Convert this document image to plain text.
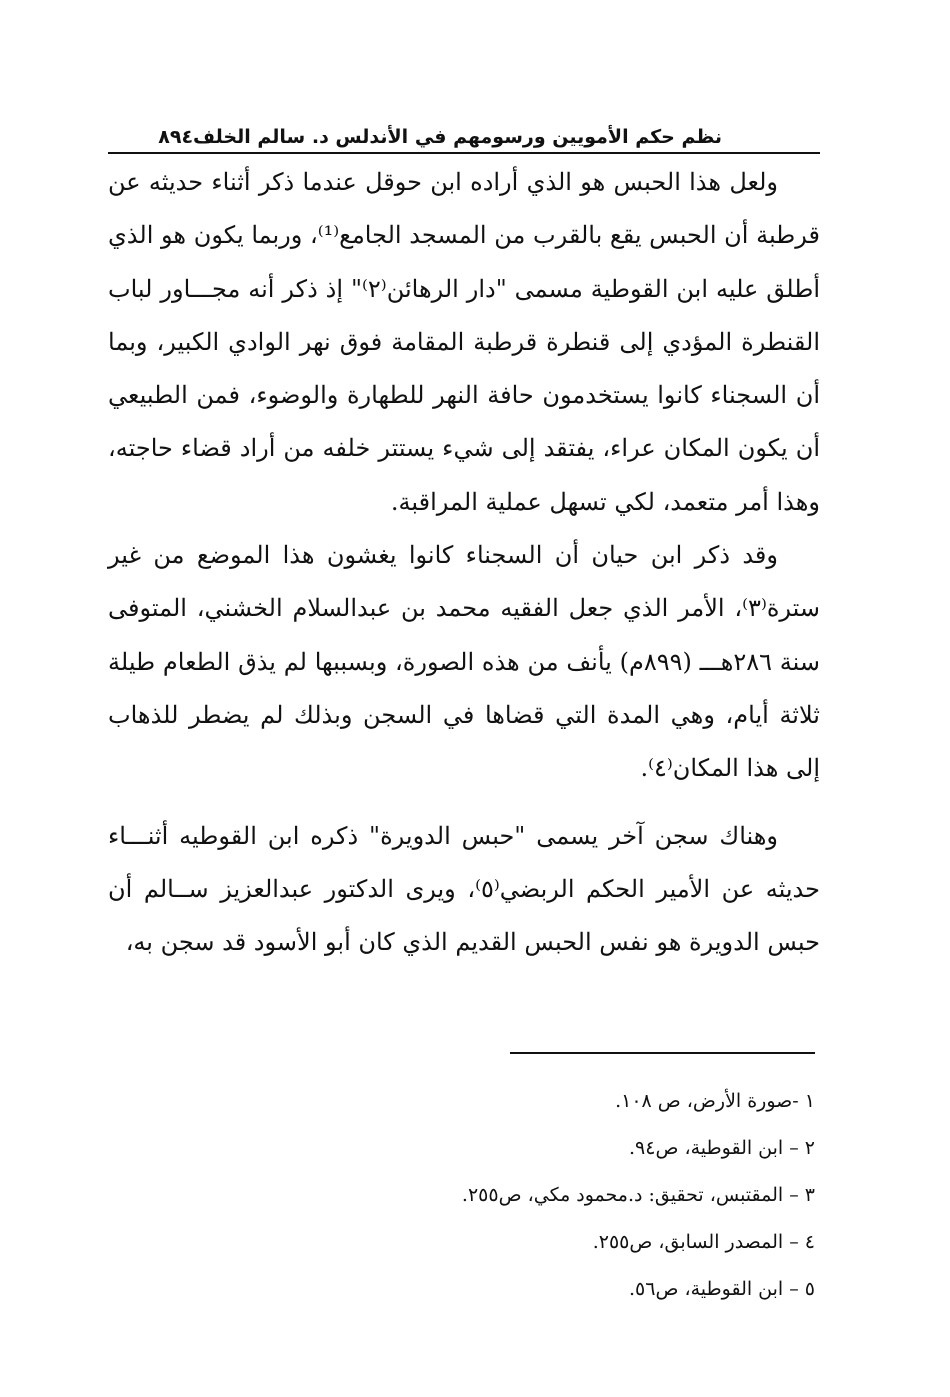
نظم حكم الأمويين ورسومهم في الأندلس د. سالم الخلف
٨٩٤

ولعل هذا الحبس هو الذي أراده ابن حوقل عندما ذكر أثناء حديثه عن قرطبة أن الحبس يقع بالقرب من المسجد الجامع⁽¹⁾، وربما يكون هو الذي أطلق عليه ابن القوطية مسمى "دار الرهائن⁽٢⁾" إذ ذكر أنه مجـــاور لباب القنطرة المؤدي إلى قنطرة قرطبة المقامة فوق نهر الوادي الكبير، وبما أن السجناء كانوا يستخدمون حافة النهر للطهارة والوضوء، فمن الطبيعي أن يكون المكان عراء، يفتقد إلى شيء يستتر خلفه من أراد قضاء حاجته، وهذا أمر متعمد، لكي تسهل عملية المراقبة.

وقد ذكر ابن حيان أن السجناء كانوا يغشون هذا الموضع من غير سترة⁽٣⁾، الأمر الذي جعل الفقيه محمد بن عبدالسلام الخشني، المتوفى سنة ٢٨٦هـــ (٨٩٩م) يأنف من هذه الصورة، وبسببها لم يذق الطعام طيلة ثلاثة أيام، وهي المدة التي قضاها في السجن وبذلك لم يضطر للذهاب إلى هذا المكان⁽٤⁾.

وهناك سجن آخر يسمى "حبس الدويرة" ذكره ابن القوطيه أثنـــاء حديثه عن الأمير الحكم الربضي⁽٥⁾، ويرى الدكتور عبدالعزيز ســالم أن حبس الدويرة هو نفس الحبس القديم الذي كان أبو الأسود قد سجن به،

١ -صورة الأرض، ص ١٠٨.
٢ – ابن القوطية، ص٩٤.
٣ – المقتبس، تحقيق: د.محمود مكي، ص٢٥٥.
٤ – المصدر السابق، ص٢٥٥.
٥ – ابن القوطية، ص٥٦.
